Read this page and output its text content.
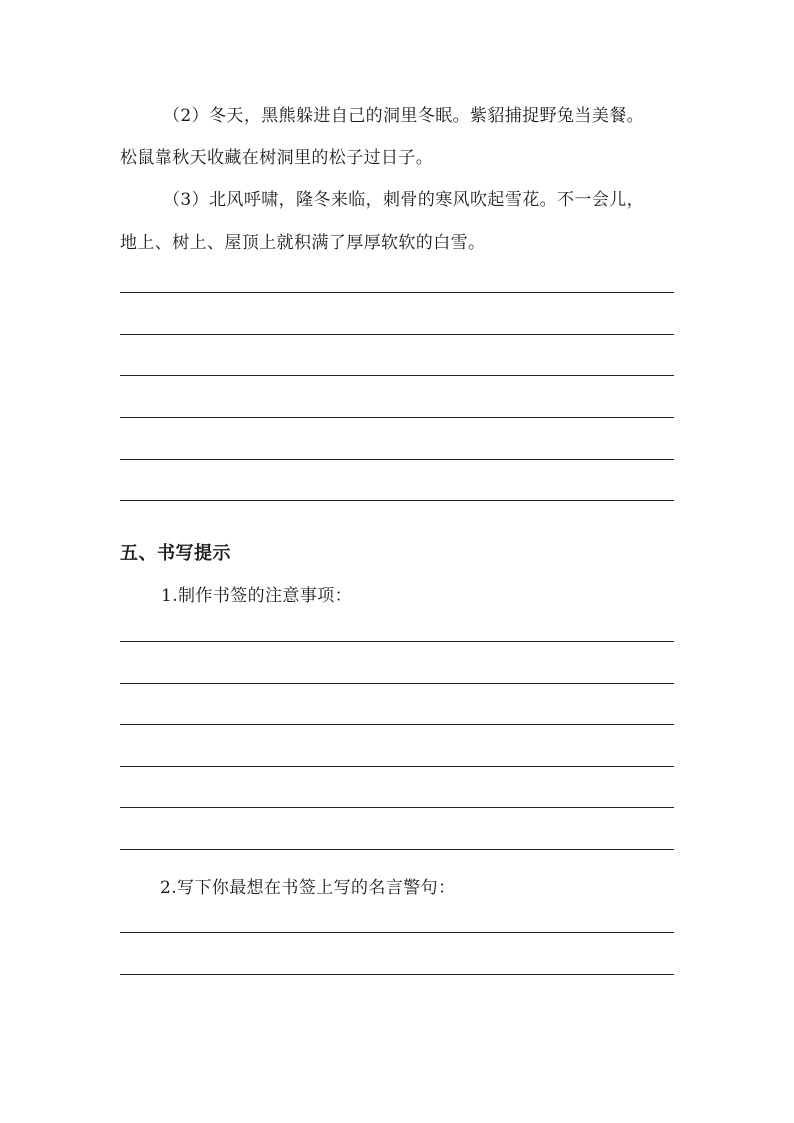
（2）冬天，黑熊躲进自己的洞里冬眠。紫貂捕捉野兔当美餐。
松鼠靠秋天收藏在树洞里的松子过日子。
（3）北风呼啸，隆冬来临，刺骨的寒风吹起雪花。不一会儿，
地上、树上、屋顶上就积满了厚厚软软的白雪。
五、书写提示
1.制作书签的注意事项：
2.写下你最想在书签上写的名言警句：
